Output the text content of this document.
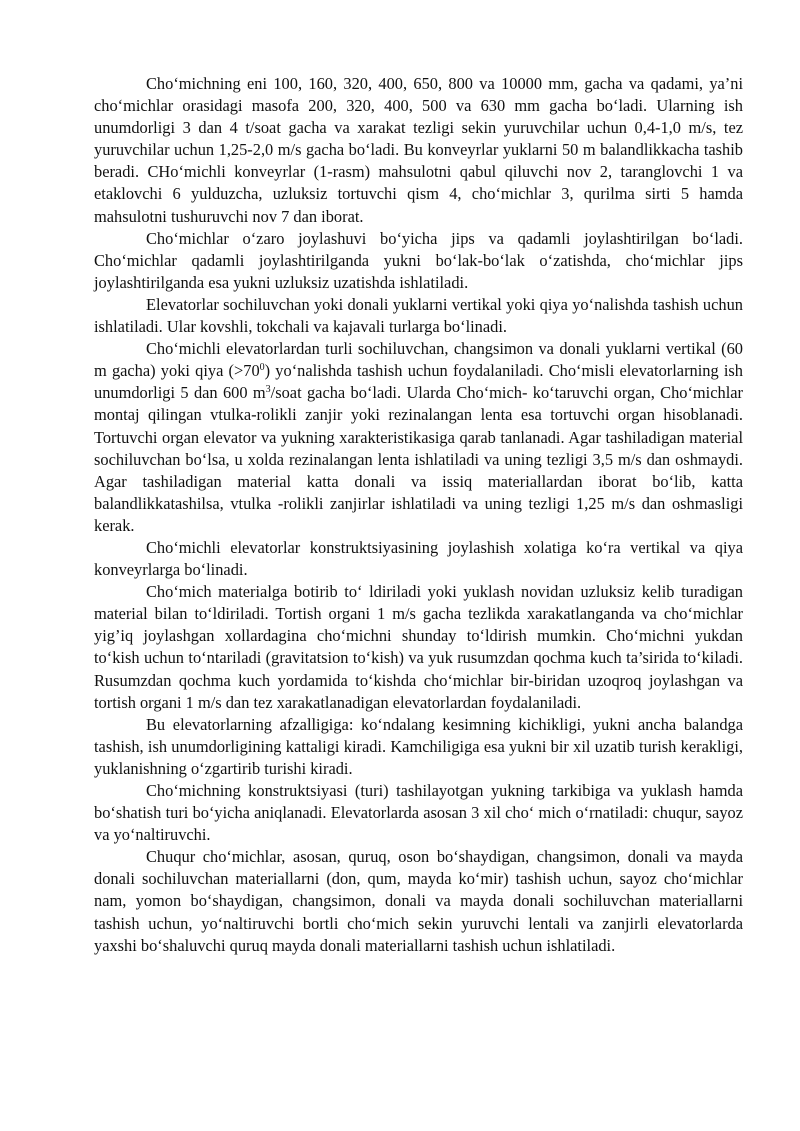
Cho‘michning eni 100, 160, 320, 400, 650, 800 va 10000 mm, gacha va qadami, ya’ni cho‘michlar orasidagi masofa 200, 320, 400, 500 va 630 mm gacha bo‘ladi. Ularning ish unumdorligi 3 dan 4 t/soat gacha va xarakat tezligi sekin yuruvchilar uchun 0,4-1,0 m/s, tez yuruvchilar uchun 1,25-2,0 m/s gacha bo‘ladi. Bu konveyrlar yuklarni 50 m balandlikkacha tashib beradi. CHo‘michli konveyrlar (1-rasm) mahsulotni qabul qiluvchi nov 2, taranglovchi 1 va etaklovchi 6 yulduzcha, uzluksiz tortuvchi qism 4, cho‘michlar 3, qurilma sirti 5 hamda mahsulotni tushuruvchi nov 7 dan iborat.

Cho‘michlar o‘zaro joylashuvi bo‘yicha jips va qadamli joylashtirilgan bo‘ladi. Cho‘michlar qadamli joylashtirilganda yukni bo‘lak-bo‘lak o‘zatishda, cho‘michlar jips joylashtirilganda esa yukni uzluksiz uzatishda ishlatiladi.

Elevatorlar sochiluvchan yoki donali yuklarni vertikal yoki qiya yo‘nalishda tashish uchun ishlatiladi. Ular kovshli, tokchali va kajavali turlarga bo‘linadi.

Cho‘michli elevatorlardan turli sochiluvchan, changsimon va donali yuklarni vertikal (60 m gacha) yoki qiya $(>70^0)$ yo‘nalishda tashish uchun foydalaniladi. Cho‘misli elevatorlarning ish unumdorligi 5 dan 600 $m^3$/soat gacha bo‘ladi. Ularda Cho‘mich- ko‘taruvchi organ, Cho‘michlar montaj qilingan vtulka-rolikli zanjir yoki rezinalangan lenta esa tortuvchi organ hisoblanadi. Tortuvchi organ elevator va yukning xarakteristikasiga qarab tanlanadi. Agar tashiladigan material sochiluvchan bo‘lsa, u xolda rezinalangan lenta ishlatiladi va uning tezligi 3,5 m/s dan oshmaydi. Agar tashiladigan material katta donali va issiq materiallardan iborat bo‘lib, katta balandlikkatashilsa, vtulka -rolikli zanjirlar ishlatiladi va uning tezligi 1,25 m/s dan oshmasligi kerak.

Cho‘michli elevatorlar konstruktsiyasining joylashish xolatiga ko‘ra vertikal va qiya konveyrlarga bo‘linadi.

Cho‘mich materialga botirib to‘ ldiriladi yoki yuklash novidan uzluksiz kelib turadigan material bilan to‘ldiriladi. Tortish organi 1 m/s gacha tezlikda xarakatlanganda va cho‘michlar yig’iq joylashgan xollardagina cho‘michni shunday to‘ldirish mumkin. Cho‘michni yukdan to‘kish uchun to‘ntariladi (gravitatsion to‘kish) va yuk rusumzdan qochma kuch ta’sirida to‘kiladi. Rusumzdan qochma kuch yordamida to‘kishda cho‘michlar bir-biridan uzoqroq joylashgan va tortish organi 1 m/s dan tez xarakatlanadigan elevatorlardan foydalaniladi.

Bu elevatorlarning afzalligiga: ko‘ndalang kesimning kichikligi, yukni ancha balandga tashish, ish unumdorligining kattaligi kiradi. Kamchiligiga esa yukni bir xil uzatib turish kerakligi, yuklanishning o‘zgartirib turishi kiradi.

Cho‘michning konstruktsiyasi (turi) tashilayotgan yukning tarkibiga va yuklash hamda bo‘shatish turi bo‘yicha aniqlanadi. Elevatorlarda asosan 3 xil cho‘ mich o‘rnatiladi: chuqur, sayoz va yo‘naltiruvchi.

Chuqur cho‘michlar, asosan, quruq, oson bo‘shaydigan, changsimon, donali va mayda donali sochiluvchan materiallarni (don, qum, mayda ko‘mir) tashish uchun, sayoz cho‘michlar nam, yomon bo‘shaydigan, changsimon, donali va mayda donali sochiluvchan materiallarni tashish uchun, yo‘naltiruvchi bortli cho‘mich sekin yuruvchi lentali va zanjirli elevatorlarda yaxshi bo‘shaluvchi quruq mayda donali materiallarni tashish uchun ishlatiladi.
